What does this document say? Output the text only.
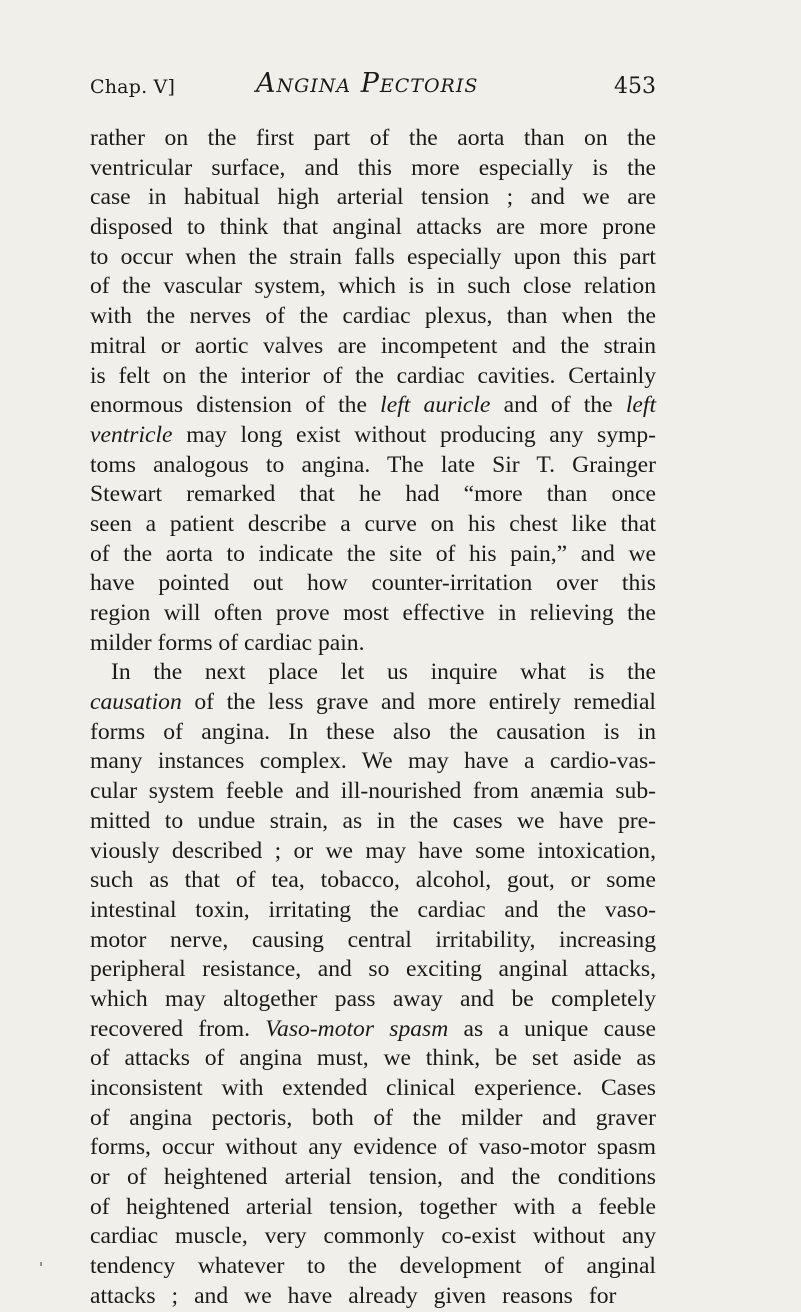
Chap. V]	Angina Pectoris	453
rather on the first part of the aorta than on the
ventricular surface, and this more especially is the
case in habitual high arterial tension ; and we are
disposed to think that anginal attacks are more prone
to occur when the strain falls especially upon this part
of the vascular system, which is in such close relation
with the nerves of the cardiac plexus, than when the
mitral or aortic valves are incompetent and the strain
is felt on the interior of the cardiac cavities. Certainly
enormous distension of the left auricle and of the left
ventricle may long exist without producing any symp-
toms analogous to angina. The late Sir T. Grainger
Stewart remarked that he had “more than once
seen a patient describe a curve on his chest like that
of the aorta to indicate the site of his pain,” and we
have pointed out how counter-irritation over this
region will often prove most effective in relieving the
milder forms of cardiac pain.
In the next place let us inquire what is the
causation of the less grave and more entirely remedial
forms of angina. In these also the causation is in
many instances complex. We may have a cardio-vas-
cular system feeble and ill-nourished from anæmia sub-
mitted to undue strain, as in the cases we have pre-
viously described ; or we may have some intoxication,
such as that of tea, tobacco, alcohol, gout, or some
intestinal toxin, irritating the cardiac and the vaso-
motor nerve, causing central irritability, increasing
peripheral resistance, and so exciting anginal attacks,
which may altogether pass away and be completely
recovered from. Vaso-motor spasm as a unique cause
of attacks of angina must, we think, be set aside as
inconsistent with extended clinical experience. Cases
of angina pectoris, both of the milder and graver
forms, occur without any evidence of vaso-motor spasm
or of heightened arterial tension, and the conditions
of heightened arterial tension, together with a feeble
cardiac muscle, very commonly co-exist without any
tendency whatever to the development of anginal
attacks ; and we have already given reasons for
